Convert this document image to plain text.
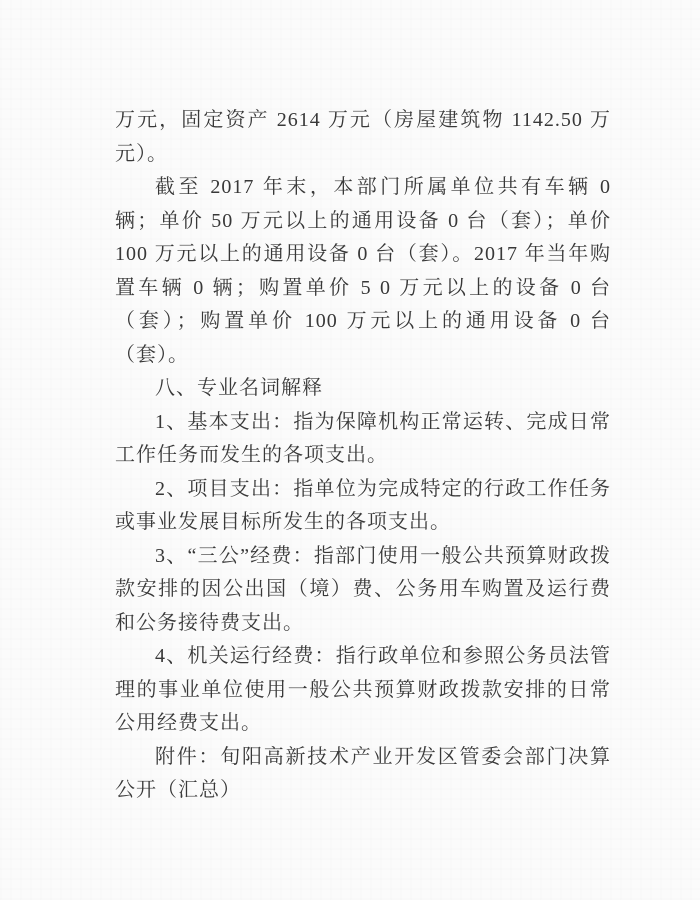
万元，固定资产 2614 万元（房屋建筑物 1142.50 万元）。

截至 2017 年末，本部门所属单位共有车辆 0 辆；单价 50 万元以上的通用设备 0 台（套）；单价 100 万元以上的通用设备 0 台（套）。2017 年当年购置车辆 0 辆；购置单价 5 0 万元以上的设备 0 台（套）；购置单价 100 万元以上的通用设备 0 台（套）。

八、专业名词解释

1、基本支出：指为保障机构正常运转、完成日常工作任务而发生的各项支出。

2、项目支出：指单位为完成特定的行政工作任务或事业发展目标所发生的各项支出。

3、“三公”经费：指部门使用一般公共预算财政拨款安排的因公出国（境）费、公务用车购置及运行费和公务接待费支出。

4、机关运行经费：指行政单位和参照公务员法管理的事业单位使用一般公共预算财政拨款安排的日常公用经费支出。

附件：旬阳高新技术产业开发区管委会部门决算公开（汇总）
